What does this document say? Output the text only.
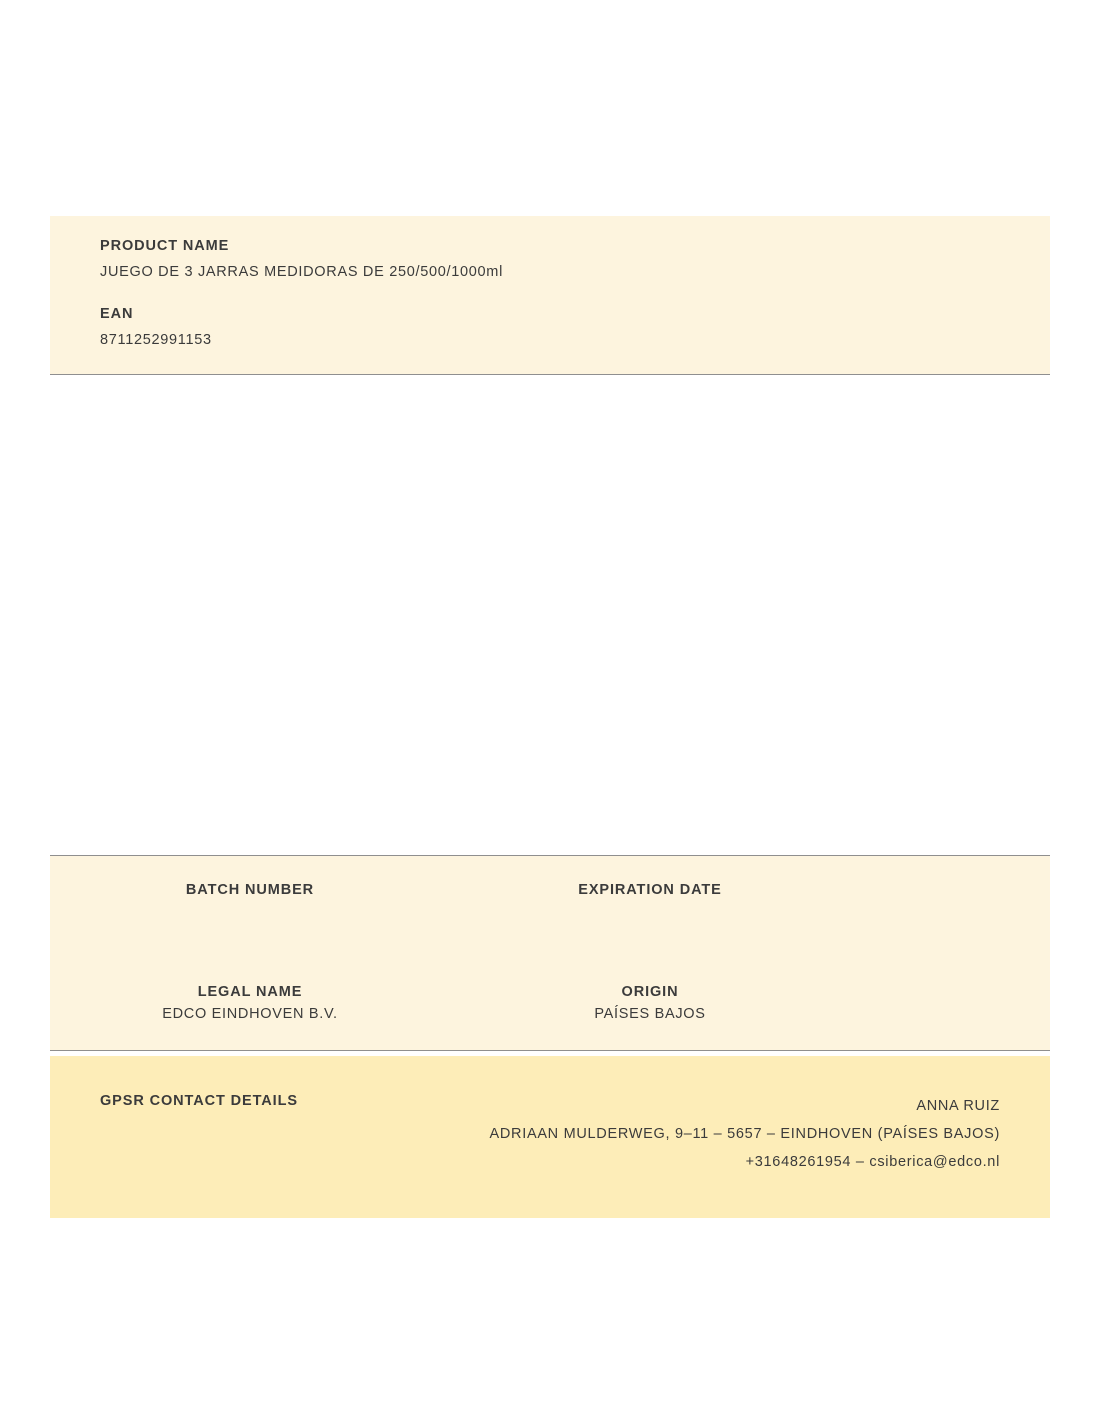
PRODUCT NAME
JUEGO DE 3 JARRAS MEDIDORAS DE 250/500/1000ml
EAN
8711252991153
BATCH NUMBER	EXPIRATION DATE
LEGAL NAME
EDCO EINDHOVEN B.V.
ORIGIN
PAÍSES BAJOS
GPSR CONTACT DETAILS	ANNA RUIZ
ADRIAAN MULDERWEG, 9–11 – 5657 – EINDHOVEN (PAÍSES BAJOS)
+31648261954 – csiberica@edco.nl
